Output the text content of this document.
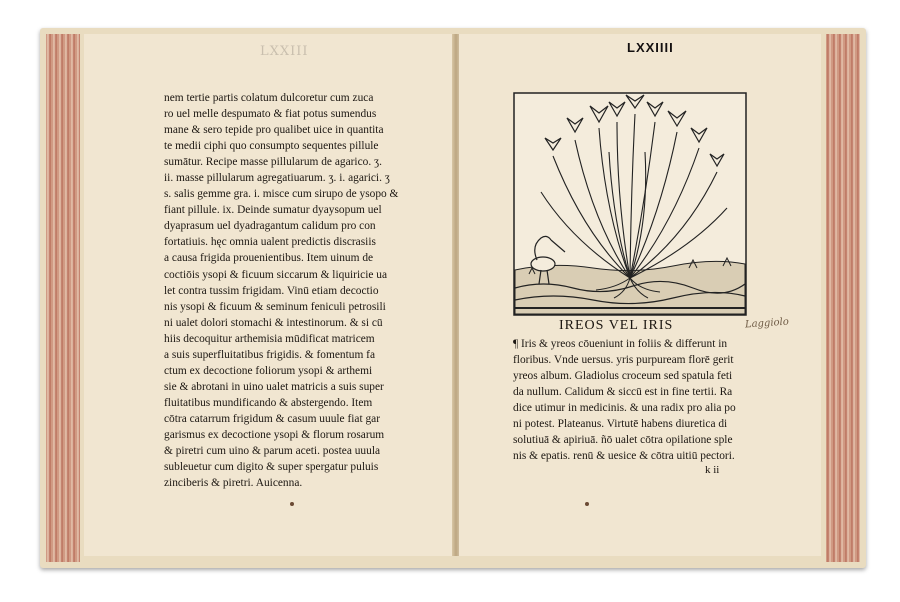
LXXIII	LXXIIII
IREOS VEL IRIS	Laggiolo
¶ Iris & yreos cōueniunt in foliis & differunt in
floribus. Vnde uersus. yris purpuream florē gerit
yreos album. Gladiolus croceum sed spatula feti
da nullum. Calidum & siccū est in fine tertii. Ra
dice utimur in medicinis. & una radix pro alia po
ni potest. Plateanus. Virtutē habens diuretica di
solutiuā & apiriuā. ñō ualet cōtra opilatione sple
nis & epatis. renū & uesice & cōtra uitiū pectori.
k ii
nem tertie partis colatum dulcoretur cum zuca
ro uel melle despumato & fiat potus sumendus
mane & sero tepide pro qualibet uice in quantita
te medii ciphi quo consumpto sequentes pillule
sumātur. Recipe masse pillularum de agarico. ʒ.
ii. masse pillularum agregatiuarum. ʒ. i. agarici. ʒ
s. salis gemme gra. i. misce cum sirupo de ysopo &
fiant pillule. ix. Deinde sumatur dyaysopum uel
dyaprasum uel dyadragantum calidum pro con
fortatiuis. hęc omnia ualent predictis discrasiis
a causa frigida prouenientibus. Item uinum de
coctiōis ysopi & ficuum siccarum & liquiricie ua
let contra tussim frigidam. Vinū etiam decoctio
nis ysopi & ficuum & seminum feniculi petrosili
ni ualet dolori stomachi & intestinorum. & si cū
hiis decoquitur arthemisia mūdificat matricem
a suis superfluitatibus frigidis. & fomentum fa
ctum ex decoctione foliorum ysopi & arthemi
sie & abrotani in uino ualet matricis a suis super
fluitatibus mundificando & abstergendo. Item
cōtra catarrum frigidum & casum uuule fiat gar
garismus ex decoctione ysopi & florum rosarum
& piretri cum uino & parum aceti. postea uuula
subleuetur cum digito & super spergatur puluis
zinciberis & piretri. Auicenna.
